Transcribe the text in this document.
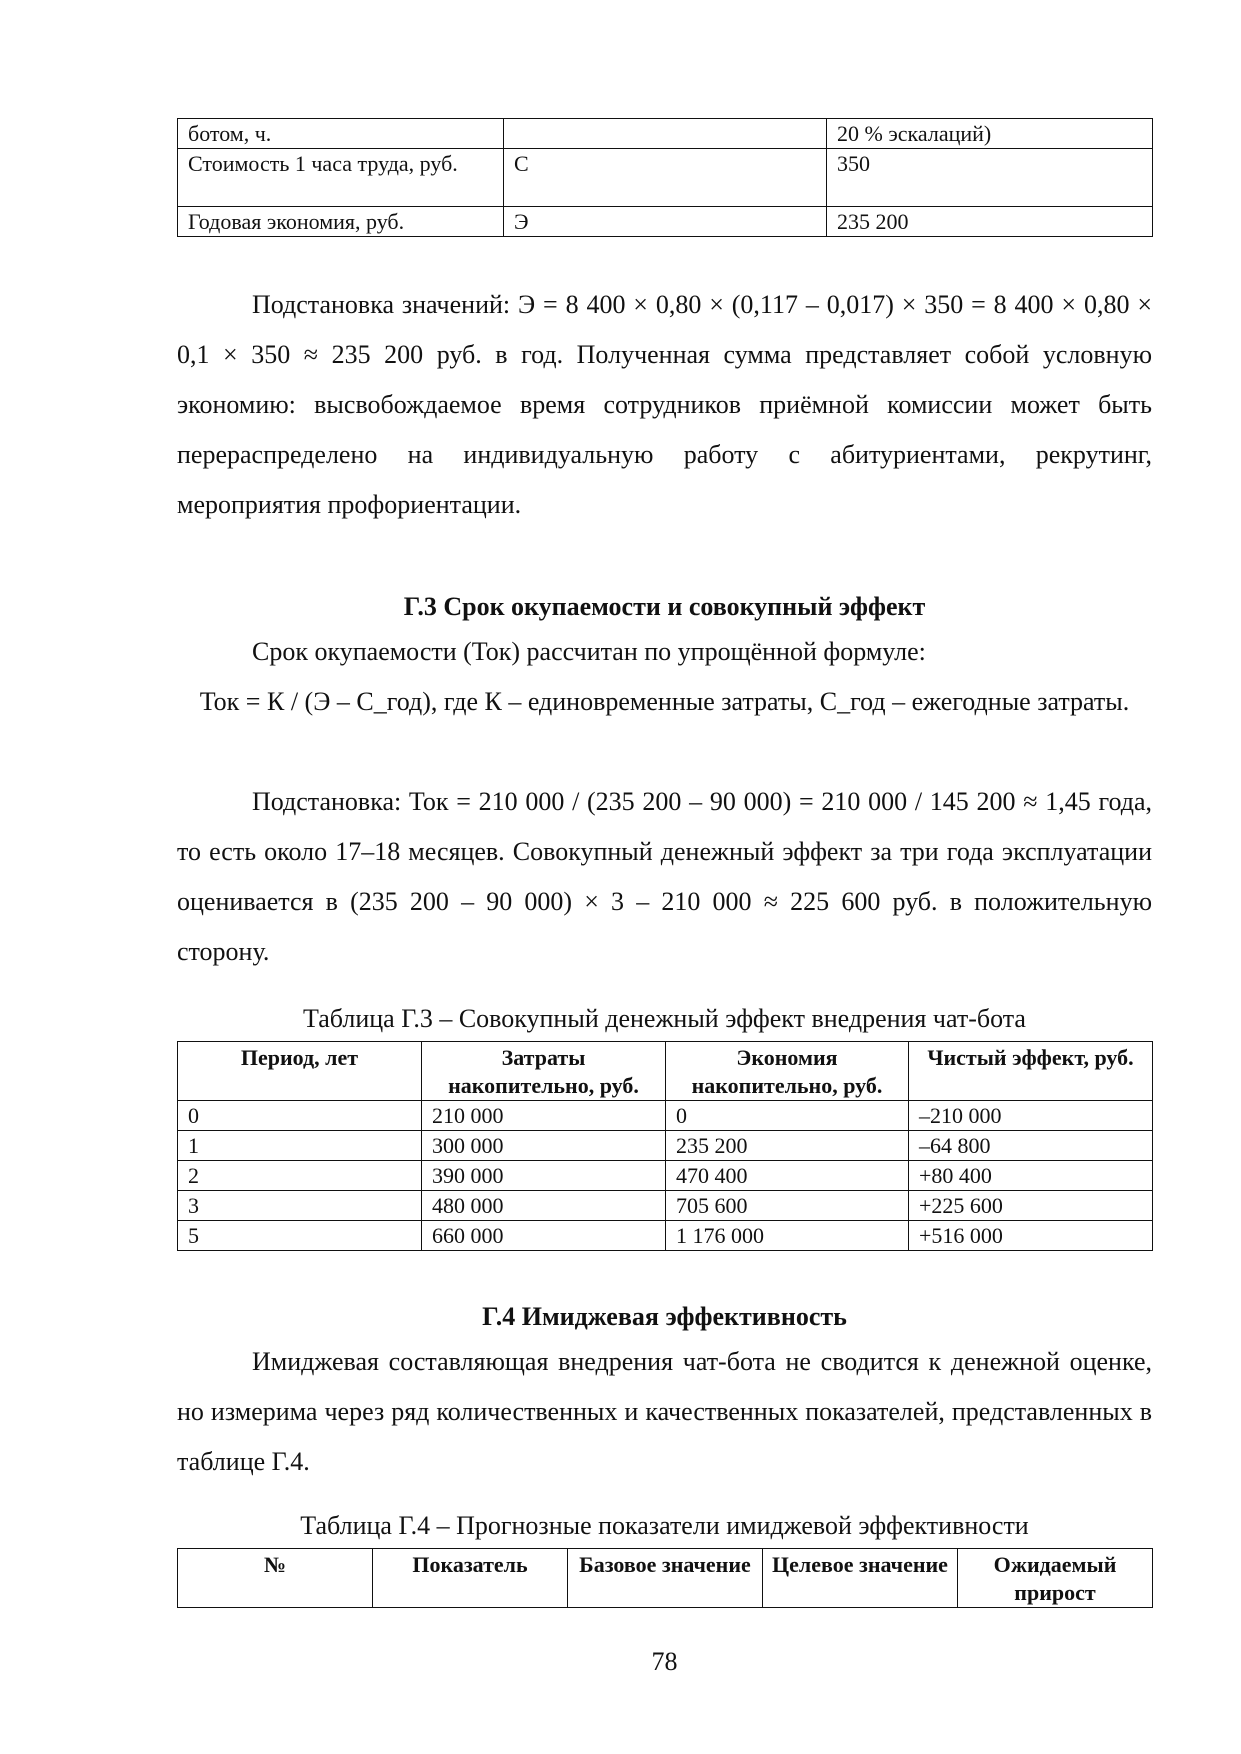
ботом, ч.		20 % эскалаций)
Стоимость 1 часа труда, руб.	С	350
Годовая экономия, руб.	Э	235 200

Подстановка значений: Э = 8 400 × 0,80 × (0,117 – 0,017) × 350 = 8 400 × 0,80 × 0,1 × 350 ≈ 235 200 руб. в год. Полученная сумма представляет собой условную экономию: высвобождаемое время сотрудников приёмной комиссии может быть перераспределено на индивидуальную работу с абитуриентами, рекрутинг, мероприятия профориентации.

Г.3 Срок окупаемости и совокупный эффект

Срок окупаемости (Ток) рассчитан по упрощённой формуле:

Ток = К / (Э – С_год), где К – единовременные затраты, С_год – ежегодные затраты.

Подстановка: Ток = 210 000 / (235 200 – 90 000) = 210 000 / 145 200 ≈ 1,45 года, то есть около 17–18 месяцев. Совокупный денежный эффект за три года эксплуатации оценивается в (235 200 – 90 000) × 3 – 210 000 ≈ 225 600 руб. в положительную сторону.

Таблица Г.3 – Совокупный денежный эффект внедрения чат-бота

Период, лет	Затраты накопительно, руб.	Экономия накопительно, руб.	Чистый эффект, руб.
0	210 000	0	–210 000
1	300 000	235 200	–64 800
2	390 000	470 400	+80 400
3	480 000	705 600	+225 600
5	660 000	1 176 000	+516 000
Г.4 Имиджевая эффективность

Имиджевая составляющая внедрения чат-бота не сводится к денежной оценке, но измерима через ряд количественных и качественных показателей, представленных в таблице Г.4.

Таблица Г.4 – Прогнозные показатели имиджевой эффективности

№	Показатель	Базовое значение	Целевое значение	Ожидаемый прирост
78
